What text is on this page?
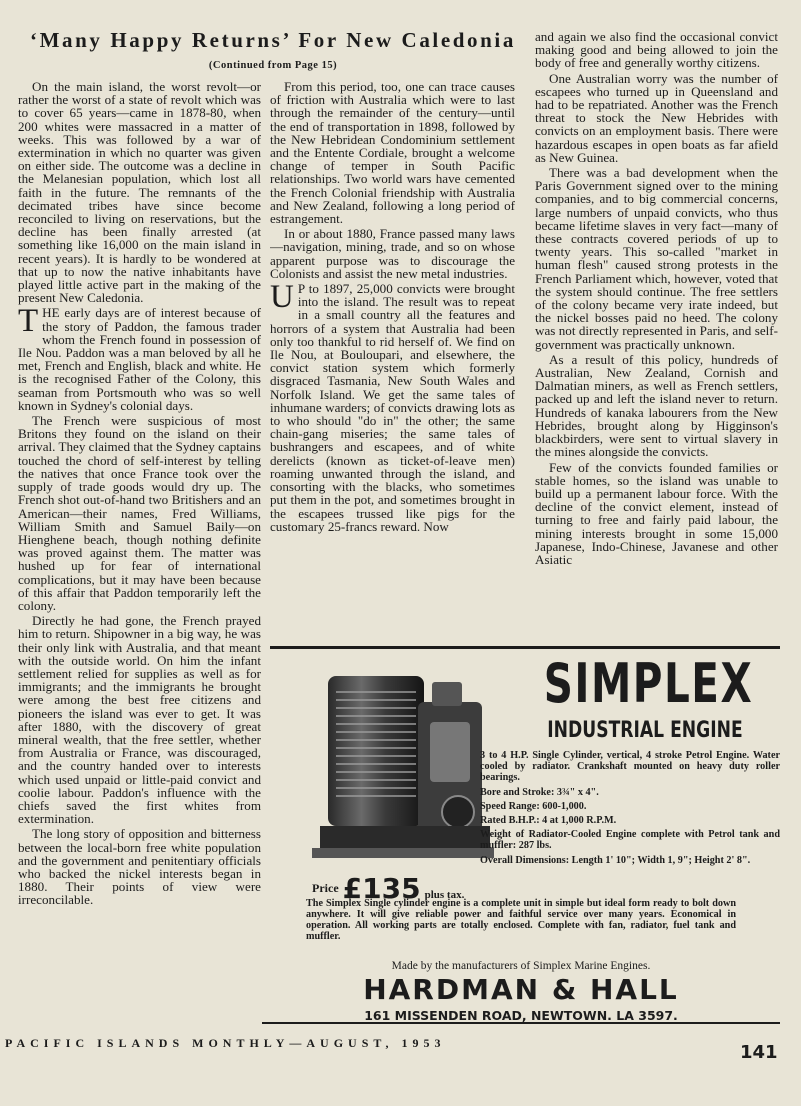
‘Many Happy Returns’ For New Caledonia
(Continued from Page 15)

On the main island, the worst revolt—or rather the worst of a state of revolt which was to cover 65 years—came in 1878-80, when 200 whites were massacred in a matter of weeks. This was followed by a war of extermination in which no quarter was given on either side. The outcome was a decline in the Melanesian population, which lost all faith in the future. The remnants of the decimated tribes have since become reconciled to living on reservations, but the decline has been finally arrested (at something like 16,000 on the main island in recent years). It is hardly to be wondered at that up to now the native inhabitants have played little active part in the making of the present New Caledonia.

THE early days are of interest because of the story of Paddon, the famous trader whom the French found in possession of Ile Nou. Paddon was a man beloved by all he met, French and English, black and white. He is the recognised Father of the Colony, this seaman from Portsmouth who was so well known in Sydney's colonial days.

The French were suspicious of most Britons they found on the island on their arrival. They claimed that the Sydney captains touched the chord of self-interest by telling the natives that once France took over the supply of trade goods would dry up. The French shot out-of-hand two Britishers and an American—their names, Fred Williams, William Smith and Samuel Baily—on Hienghene beach, though nothing definite was proved against them. The matter was hushed up for fear of international complications, but it may have been because of this affair that Paddon temporarily left the colony.

Directly he had gone, the French prayed him to return. Shipowner in a big way, he was their only link with Australia, and that meant with the outside world. On him the infant settlement relied for supplies as well as for immigrants; and the immigrants he brought were among the best free citizens and pioneers the island was ever to get. It was after 1880, with the discovery of great mineral wealth, that the free settler, whether from Australia or France, was discouraged, and the country handed over to interests which used unpaid or little-paid convict and coolie labour. Paddon's influence with the chiefs saved the first whites from extermination.

The long story of opposition and bitterness between the local-born free white population and the government and penitentiary officials who backed the nickel interests began in 1880. Their points of view were irreconcilable.

From this period, too, one can trace causes of friction with Australia which were to last through the remainder of the century—until the end of transportation in 1898, followed by the New Hebridean Condominium settlement and the Entente Cordiale, brought a welcome change of temper in South Pacific relationships. Two world wars have cemented the French Colonial friendship with Australia and New Zealand, following a long period of estrangement.

In or about 1880, France passed many laws—navigation, mining, trade, and so on whose apparent purpose was to discourage the Colonists and assist the new metal industries.

UP to 1897, 25,000 convicts were brought into the island. The result was to repeat in a small country all the features and horrors of a system that Australia had been only too thankful to rid herself of. We find on Ile Nou, at Bouloupari, and elsewhere, the convict station system which formerly disgraced Tasmania, New South Wales and Norfolk Island. We get the same tales of inhumane warders; of convicts drawing lots as to who should "do in" the other; the same chain-gang miseries; the same tales of bushrangers and escapees, and of white derelicts (known as ticket-of-leave men) roaming unwanted through the island, and consorting with the blacks, who sometimes put them in the pot, and sometimes brought in the escapees trussed like pigs for the customary 25-francs reward. Now

and again we also find the occasional convict making good and being allowed to join the body of free and generally worthy citizens.

One Australian worry was the number of escapees who turned up in Queensland and had to be repatriated. Another was the French threat to stock the New Hebrides with convicts on an employment basis. There were hazardous escapes in open boats as far afield as New Guinea.

There was a bad development when the Paris Government signed over to the mining companies, and to big commercial concerns, large numbers of unpaid convicts, who thus became lifetime slaves in very fact—many of these contracts covered periods of up to twenty years. This so-called "market in human flesh" caused strong protests in the French Parliament which, however, voted that the system should continue. The free settlers of the colony became very irate indeed, but the nickel bosses paid no heed. The colony was not directly represented in Paris, and self-government was practically unknown.

As a result of this policy, hundreds of Australian, New Zealand, Cornish and Dalmatian miners, as well as French settlers, packed up and left the island never to return. Hundreds of kanaka labourers from the New Hebrides, brought along by Higginson's blackbirders, were sent to virtual slavery in the mines alongside the convicts.

Few of the convicts founded families or stable homes, so the island was unable to build up a permanent labour force. With the decline of the convict element, instead of turning to free and fairly paid labour, the mining interests brought in some 15,000 Japanese, Indo-Chinese, Javanese and other Asiatic

SIMPLEX
INDUSTRIAL ENGINE

3 to 4 H.P. Single Cylinder, vertical, 4 stroke Petrol Engine. Water cooled by radiator. Crankshaft mounted on heavy duty roller bearings.

Bore and Stroke: 3¾" x 4".

Speed Range: 600-1,000.

Rated B.H.P.: 4 at 1,000 R.P.M.

Weight of Radiator-Cooled Engine complete with Petrol tank and muffler: 287 lbs.

Overall Dimensions: Length 1' 10"; Width 1, 9"; Height 2' 8".

$^{Price}$ £135 plus tax.
The Simplex Single cylinder engine is a complete unit in simple but ideal form ready to bolt down anywhere. It will give reliable power and faithful service over many years. Economical in operation. All working parts are totally enclosed. Complete with fan, radiator, fuel tank and muffler.
Made by the manufacturers of Simplex Marine Engines.
HARDMAN & HALL
161 MISSENDEN ROAD, NEWTOWN. LA 3597.
PACIFIC ISLANDS MONTHLY—AUGUST, 1953	141
